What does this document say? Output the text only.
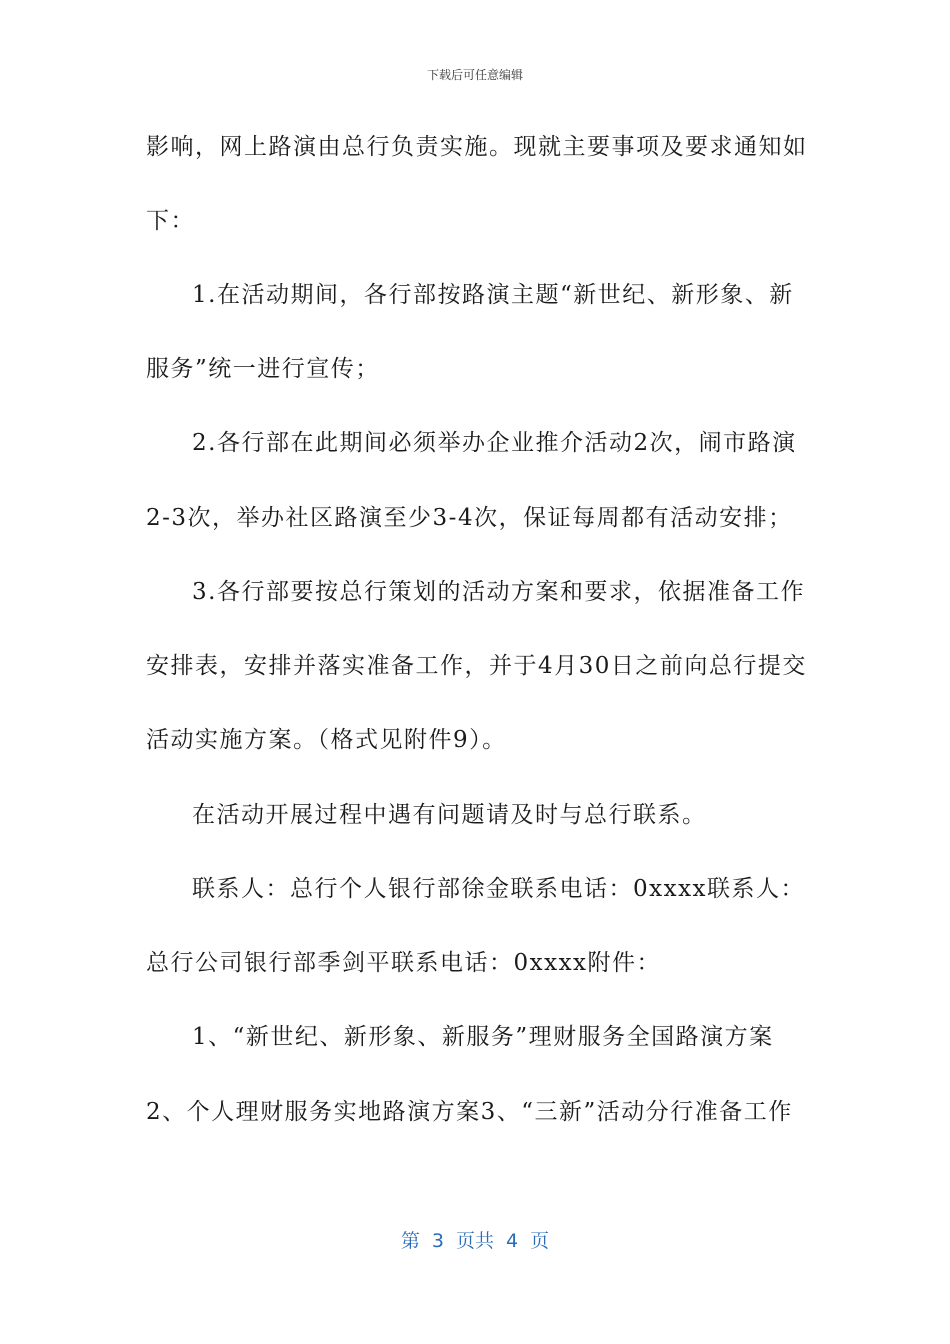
下载后可任意编辑
影响，网上路演由总行负责实施。现就主要事项及要求通知如
下：
1.在活动期间，各行部按路演主题“新世纪、新形象、新
服务”统一进行宣传；
2.各行部在此期间必须举办企业推介活动2次，闹市路演
2-3次，举办社区路演至少3-4次，保证每周都有活动安排；
3.各行部要按总行策划的活动方案和要求，依据准备工作
安排表，安排并落实准备工作，并于4月30日之前向总行提交
活动实施方案。（格式见附件9）。
在活动开展过程中遇有问题请及时与总行联系。
联系人：总行个人银行部徐金联系电话：0xxxx联系人：
总行公司银行部季剑平联系电话：0xxxx附件：
1、“新世纪、新形象、新服务”理财服务全国路演方案
2、个人理财服务实地路演方案3、“三新”活动分行准备工作
第 3 页共 4 页
